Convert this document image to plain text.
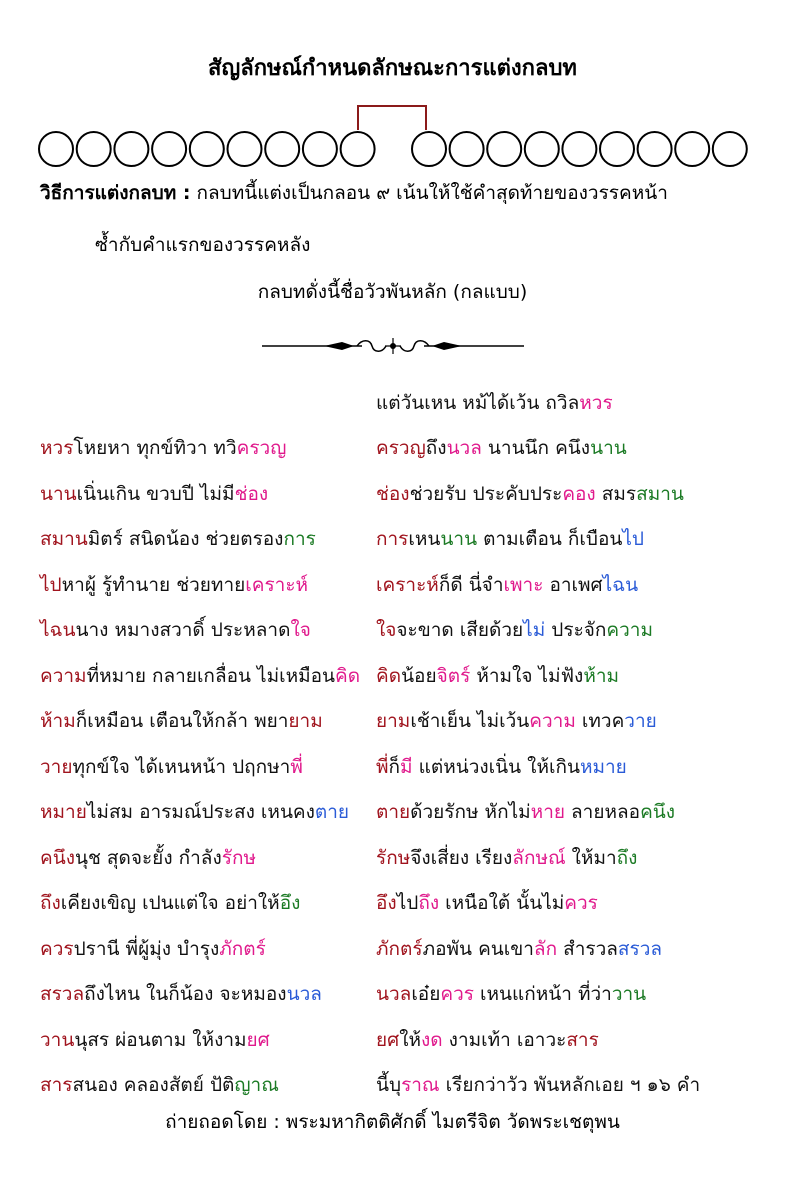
สัญลักษณ์กำหนดลักษณะการแต่งกลบท
วิธีการแต่งกลบท : กลบทนี้แต่งเป็นกลอน ๙ เน้นให้ใช้คำสุดท้ายของวรรคหน้า
ซ้ำกับคำแรกของวรรคหลัง
กลบทดั่งนี้ชื่อวัวพันหลัก (กลแบบ)
แต่วันเหน หม้ได้เว้น ถวิลหวร
หวรโหยหา ทุกข์ทิวา ทวิครวญ
นานเนิ่นเกิน ขวบปี ไม่มีช่อง
สมานมิตร์ สนิดน้อง ช่วยตรองการ
ไปหาผู้ รู้ทำนาย ช่วยทายเคราะห์
ไฉนนาง หมางสวาดิ์ ประหลาดใจ
ความที่หมาย กลายเกลื่อน ไม่เหมือนคิด
ห้ามก็เหมือน เตือนให้กล้า พยายาม
วายทุกข์ใจ ได้เหนหน้า ปฤกษาพี่
หมายไม่สม อารมณ์ประสง เหนคงตาย
คนึงนุช สุดจะยั้ง กำลังรักษ
ถึงเคียงเขิญ เปนแต่ใจ อย่าให้อึง
ควรปรานี พี่ผู้มุ่ง บำรุงภักตร์
สรวลถึงไหน ในก็น้อง จะหมองนวล
วานนุสร ผ่อนตาม ให้งามยศ
สารสนอง คลองสัตย์ ปัติญาณ
ครวญถึงนวล นานนึก คนึงนาน
ช่องช่วยรับ ประคับประคอง สมรสมาน
การเหนนาน ตามเตือน ก็เบือนไป
เคราะห์ก็ดี นี่จำเพาะ อาเพศไฉน
ใจจะขาด เสียด้วยไม่ ประจักความ
คิดน้อยจิตร์ ห้ามใจ ไม่ฟังห้าม
ยามเช้าเย็น ไม่เว้นความ เทวควาย
พี่ก็มี แต่หน่วงเนิ่น ให้เกินหมาย
ตายด้วยรักษ หักไม่หาย ลายหลอคนึง
รักษจึงเสี่ยง เรียงลักษณ์ ให้มาถึง
อึงไปถึง เหนือใต้ นั้นไม่ควร
ภักตร์ภอพัน คนเขาลัก สำรวลสรวล
นวลเอ๋ยควร เหนแก่หน้า ที่ว่าวาน
ยศให้งด งามเท้า เอาวะสาร
นี้บุราณ เรียกว่าวัว พันหลักเอย ฯ ๑๖ คำ
ถ่ายถอดโดย : พระมหากิตติศักดิ์ ไมตรีจิต วัดพระเชตุพน
